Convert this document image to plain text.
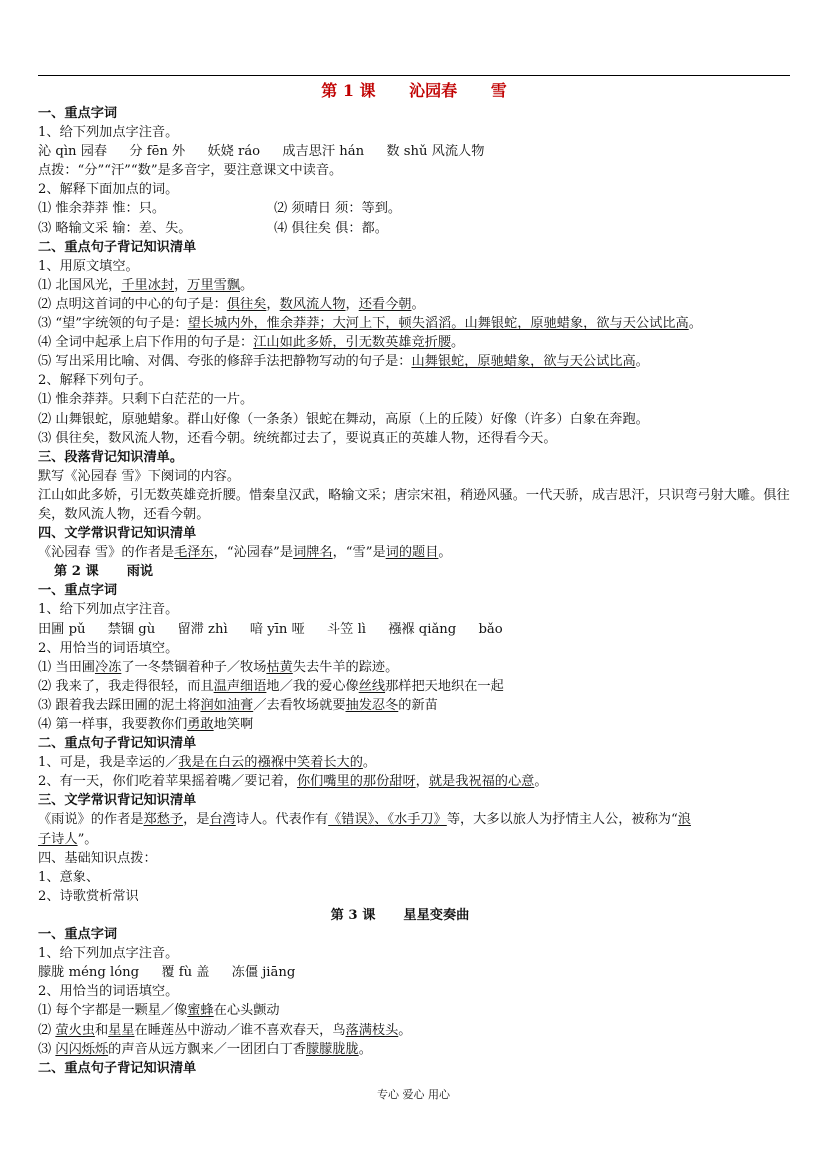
第 1 课 沁园春 雪
一、重点字词
1、给下列加点字注音。
沁 qìn 园春 分 fēn 外 妖娆 ráo 成吉思汗 hán 数 shǔ 风流人物
点拨：“分”“汗”“数”是多音字，要注意课文中读音。
2、解释下面加点的词。
⑴ 惟余莽莽 惟：只。	⑵ 须晴日 须：等到。
⑶ 略输文采 输：差、失。	⑷ 俱往矣 俱：都。
二、重点句子背记知识清单
1、用原文填空。
⑴ 北国风光，千里冰封，万里雪飘。
⑵ 点明这首词的中心的句子是：俱往矣，数风流人物，还看今朝。
⑶ “望”字统领的句子是：望长城内外，惟余莽莽；大河上下，顿失滔滔。山舞银蛇，原驰蜡象，欲与天公试比高。
⑷ 全词中起承上启下作用的句子是：江山如此多娇，引无数英雄竞折腰。
⑸ 写出采用比喻、对偶、夸张的修辞手法把静物写动的句子是：山舞银蛇，原驰蜡象，欲与天公试比高。
2、解释下列句子。
⑴ 惟余莽莽。只剩下白茫茫的一片。
⑵ 山舞银蛇，原驰蜡象。群山好像（一条条）银蛇在舞动，高原（上的丘陵）好像（许多）白象在奔跑。
⑶ 俱往矣，数风流人物，还看今朝。统统都过去了，要说真正的英雄人物，还得看今天。
三、段落背记知识清单。
默写《沁园春 雪》下阕词的内容。
江山如此多娇，引无数英雄竞折腰。惜秦皇汉武，略输文采；唐宗宋祖，稍逊风骚。一代天骄，成吉思汗，只识弯弓射大雕。俱往矣，数风流人物，还看今朝。
四、文学常识背记知识清单
《沁园春 雪》的作者是毛泽东，“沁园春”是词牌名，“雪”是词的题目。
第 2 课 雨说
一、重点字词
1、给下列加点字注音。
田圃 pǔ 禁锢 gù 留滞 zhì 喑 yīn 哑 斗笠 lì 襁褓 qiǎng bǎo
2、用恰当的词语填空。
⑴ 当田圃冷冻了一冬禁锢着种子／牧场枯黄失去牛羊的踪迹。
⑵ 我来了，我走得很轻，而且温声细语地／我的爱心像丝线那样把天地织在一起
⑶ 跟着我去踩田圃的泥土将润如油膏／去看牧场就要抽发忍冬的新苗
⑷ 第一样事，我要教你们勇敢地笑啊
二、重点句子背记知识清单
1、可是，我是幸运的／我是在白云的襁褓中笑着长大的。
2、有一天，你们吃着苹果摇着嘴／要记着，你们嘴里的那份甜呀，就是我祝福的心意。
三、文学常识背记知识清单
《雨说》的作者是郑愁予，是台湾诗人。代表作有《错误》、《水手刀》等，大多以旅人为抒情主人公，被称为“浪
子诗人”。
四、基础知识点拨：
1、意象、
2、诗歌赏析常识
第 3 课 星星变奏曲
一、重点字词
1、给下列加点字注音。
朦胧 méng lóng 覆 fù 盖 冻僵 jiāng
2、用恰当的词语填空。
⑴ 每个字都是一颗星／像蜜蜂在心头颤动
⑵ 萤火虫和星星在睡莲丛中游动／谁不喜欢春天，鸟落满枝头。
⑶ 闪闪烁烁的声音从远方飘来／一团团白丁香朦朦胧胧。
二、重点句子背记知识清单
专心 爱心 用心
